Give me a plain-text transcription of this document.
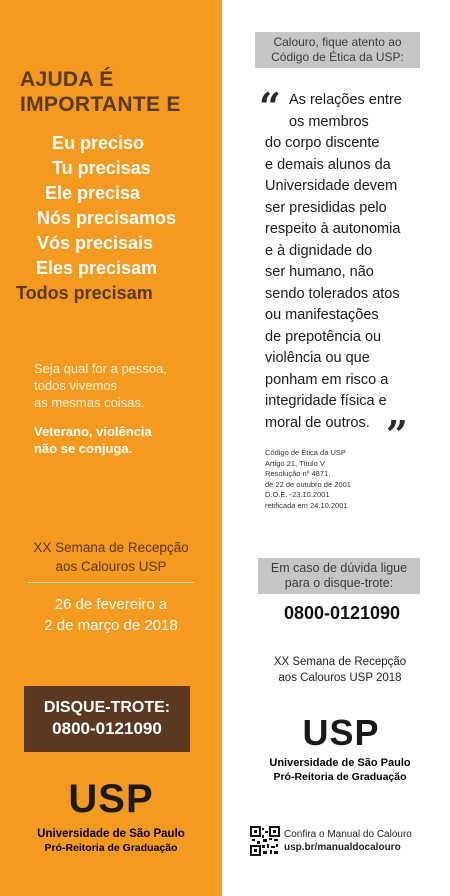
AJUDA É
IMPORTANTE E
Eu preciso
Tu precisas
Ele precisa
Nós precisamos
Vós precisais
Eles precisam
Todos precisam
Seja qual for a pessoa,
todos vivemos
as mesmas coisas.
Veterano, violência
não se conjuga.
XX Semana de Recepção
aos Calouros USP
26 de fevereiro a
2 de março de 2018
DISQUE-TROTE:
0800-0121090
USP
Universidade de São Paulo
Pró-Reitoria de Graduação
Calouro, fique atento ao
Código de Ética da USP:
“ As relações entre
os membros
do corpo discente
e demais alunos da
Universidade devem
ser presididas pelo
respeito à autonomia
e à dignidade do
ser humano, não
sendo tolerados atos
ou manifestações
de prepotência ou
violência ou que
ponham em risco a
integridade física e
moral de outros. ”
Código de Ética da USP
Artigo 21, Título V
Resolução nº 4871,
de 22 de outubro de 2001
D.O.E. -23.10.2001
retificada em 24.10.2001
Em caso de dúvida ligue
para o disque-trote:
0800-0121090
XX Semana de Recepção
aos Calouros USP 2018
USP
Universidade de São Paulo
Pró-Reitoria de Graduação
Confira o Manual do Calouro
usp.br/manualdocalouro
